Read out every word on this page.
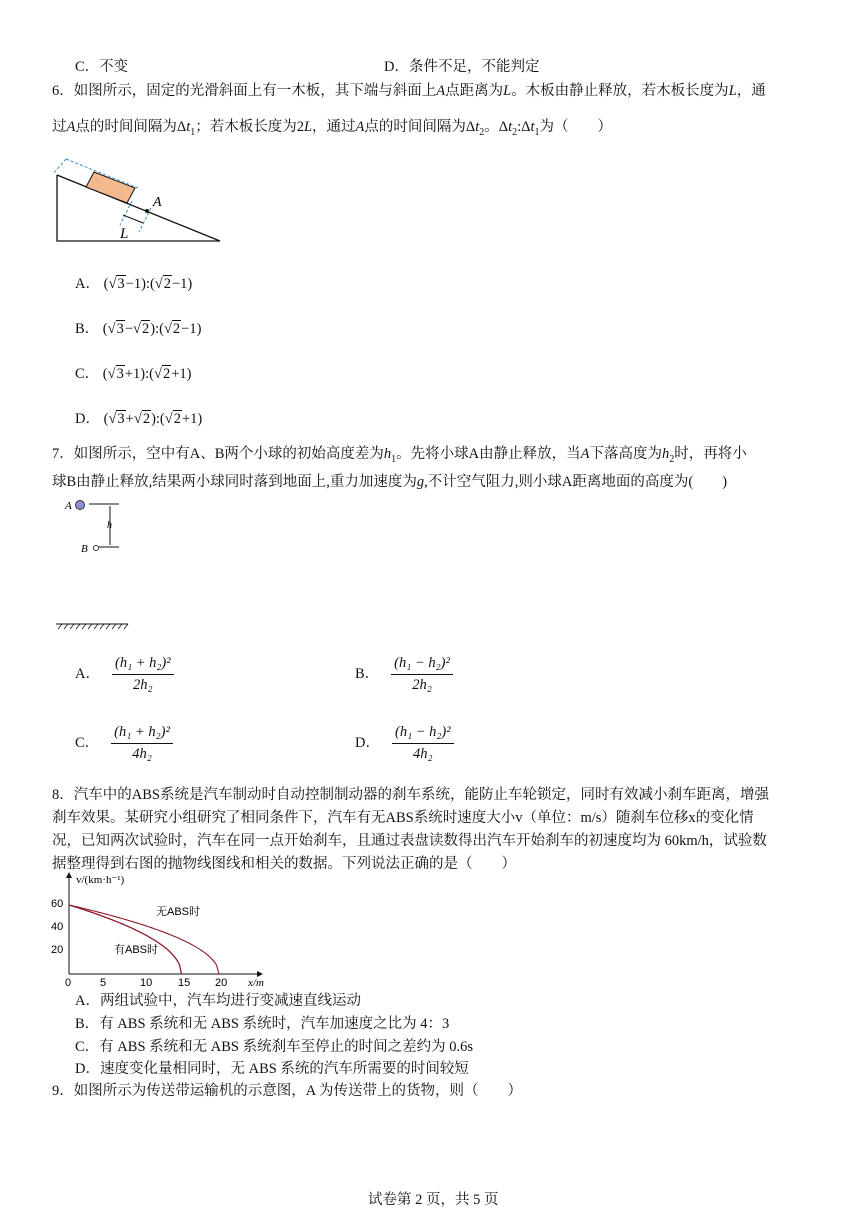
C．不变	D．条件不足，不能判定
6．如图所示，固定的光滑斜面上有一木板，其下端与斜面上A点距离为L。木板由静止释放，若木板长度为L，通
过A点的时间间隔为$\Delta t_1$；若木板长度为2L，通过A点的时间间隔为$\Delta t_2$。$\Delta t_2:\Delta t_1$为（　　）
A
L
A． (√3−1):(√2−1)
B． (√3−√2):(√2−1)
C． (√3+1):(√2+1)
D． (√3+√2):(√2+1)
7．如图所示，空中有A、B两个小球的初始高度差为$h_1$。先将小球A由静止释放，当A下落高度为$h_2$时，再将小
球B由静止释放,结果两小球同时落到地面上,重力加速度为g,不计空气阻力,则小球A距离地面的高度为(　　)
A
h
B
A． $\frac{\text{(h₁ + h₂)²}}{\text{2h₂}}$	B． $\frac{\text{(h₁ − h₂)²}}{\text{2h₂}}$
C． $\frac{\text{(h₁ + h₂)²}}{\text{4h₂}}$	D． $\frac{\text{(h₁ − h₂)²}}{\text{4h₂}}$
8．汽车中的ABS系统是汽车制动时自动控制制动器的刹车系统，能防止车轮锁定，同时有效减小刹车距离，增强
刹车效果。某研究小组研究了相同条件下，汽车有无ABS系统时速度大小v（单位：m/s）随刹车位移x的变化情
况，已知两次试验时，汽车在同一点开始刹车，且通过表盘读数得出汽车开始刹车的初速度均为 60km/h，试验数
据整理得到右图的抛物线图线和相关的数据。下列说法正确的是（　　）
v/(km·h⁻¹)
60
40
20
0	5	10 15 20 x/m
无ABS时
有ABS时
A．两组试验中，汽车均进行变减速直线运动
B．有 ABS 系统和无 ABS 系统时，汽车加速度之比为 4：3
C．有 ABS 系统和无 ABS 系统刹车至停止的时间之差约为 0.6s
D．速度变化量相同时，无 ABS 系统的汽车所需要的时间较短
9．如图所示为传送带运输机的示意图，A 为传送带上的货物，则（　　）
试卷第 2 页，共 5 页
